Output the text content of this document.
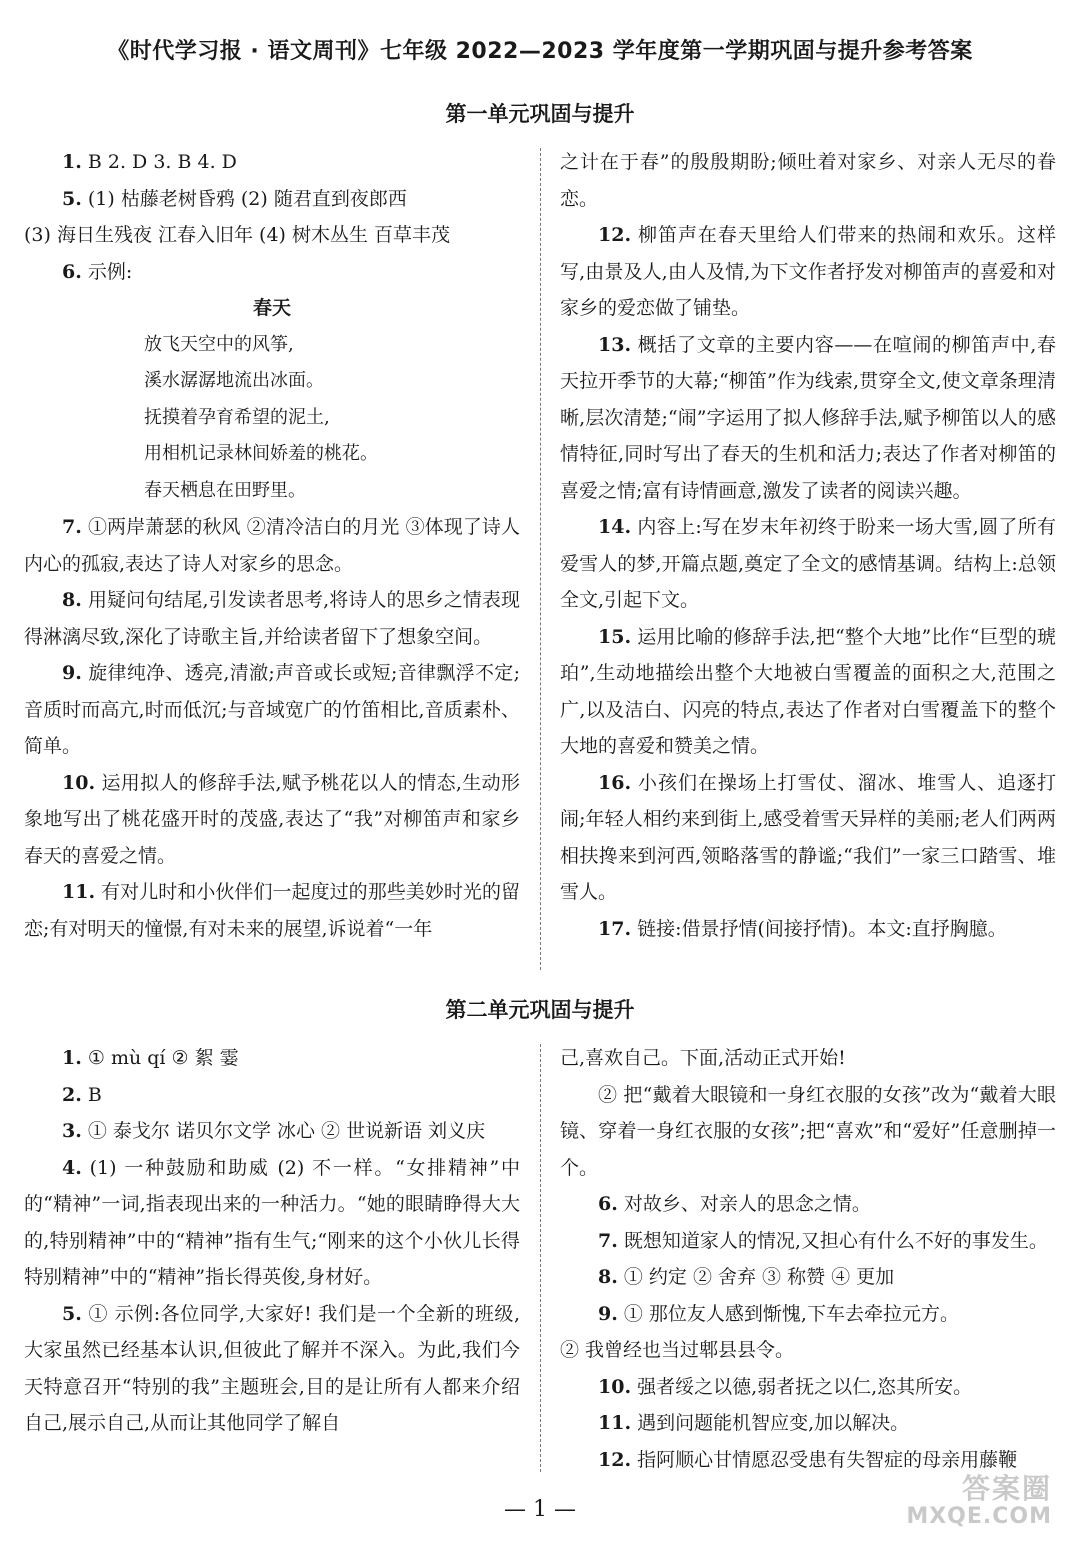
《时代学习报 · 语文周刊》七年级 2022—2023 学年度第一学期巩固与提升参考答案
第一单元巩固与提升

1. B 2. D 3. B 4. D

5. (1) 枯藤老树昏鸦 (2) 随君直到夜郎西

(3) 海日生残夜 江春入旧年 (4) 树木丛生 百草丰茂

6. 示例:

春天

放飞天空中的风筝,

溪水潺潺地流出冰面。

抚摸着孕育希望的泥土,

用相机记录林间娇羞的桃花。

春天栖息在田野里。

7. ①两岸萧瑟的秋风 ②清冷洁白的月光 ③体现了诗人内心的孤寂,表达了诗人对家乡的思念。

8. 用疑问句结尾,引发读者思考,将诗人的思乡之情表现得淋漓尽致,深化了诗歌主旨,并给读者留下了想象空间。

9. 旋律纯净、透亮,清澈;声音或长或短;音律飘浮不定;音质时而高亢,时而低沉;与音域宽广的竹笛相比,音质素朴、简单。

10. 运用拟人的修辞手法,赋予桃花以人的情态,生动形象地写出了桃花盛开时的茂盛,表达了“我”对柳笛声和家乡春天的喜爱之情。

11. 有对儿时和小伙伴们一起度过的那些美妙时光的留恋;有对明天的憧憬,有对未来的展望,诉说着“一年

之计在于春”的殷殷期盼;倾吐着对家乡、对亲人无尽的眷恋。

12. 柳笛声在春天里给人们带来的热闹和欢乐。这样写,由景及人,由人及情,为下文作者抒发对柳笛声的喜爱和对家乡的爱恋做了铺垫。

13. 概括了文章的主要内容——在喧闹的柳笛声中,春天拉开季节的大幕;“柳笛”作为线索,贯穿全文,使文章条理清晰,层次清楚;“闹”字运用了拟人修辞手法,赋予柳笛以人的感情特征,同时写出了春天的生机和活力;表达了作者对柳笛的喜爱之情;富有诗情画意,激发了读者的阅读兴趣。

14. 内容上:写在岁末年初终于盼来一场大雪,圆了所有爱雪人的梦,开篇点题,奠定了全文的感情基调。结构上:总领全文,引起下文。

15. 运用比喻的修辞手法,把“整个大地”比作“巨型的琥珀”,生动地描绘出整个大地被白雪覆盖的面积之大,范围之广,以及洁白、闪亮的特点,表达了作者对白雪覆盖下的整个大地的喜爱和赞美之情。

16. 小孩们在操场上打雪仗、溜冰、堆雪人、追逐打闹;年轻人相约来到街上,感受着雪天异样的美丽;老人们两两相扶搀来到河西,领略落雪的静谧;“我们”一家三口踏雪、堆雪人。

17. 链接:借景抒情(间接抒情)。本文:直抒胸臆。

第二单元巩固与提升

1. ① mù qí ② 絮 霎

2. B

3. ① 泰戈尔 诺贝尔文学 冰心 ② 世说新语 刘义庆

4. (1) 一种鼓励和助威 (2) 不一样。“女排精神”中的“精神”一词,指表现出来的一种活力。“她的眼睛睁得大大的,特别精神”中的“精神”指有生气;“刚来的这个小伙儿长得特别精神”中的“精神”指长得英俊,身材好。

5. ① 示例:各位同学,大家好! 我们是一个全新的班级,大家虽然已经基本认识,但彼此了解并不深入。为此,我们今天特意召开“特别的我”主题班会,目的是让所有人都来介绍自己,展示自己,从而让其他同学了解自

己,喜欢自己。下面,活动正式开始!

② 把“戴着大眼镜和一身红衣服的女孩”改为“戴着大眼镜、穿着一身红衣服的女孩”;把“喜欢”和“爱好”任意删掉一个。

6. 对故乡、对亲人的思念之情。

7. 既想知道家人的情况,又担心有什么不好的事发生。

8. ① 约定 ② 舍弃 ③ 称赞 ④ 更加

9. ① 那位友人感到惭愧,下车去牵拉元方。

② 我曾经也当过郫县县令。

10. 强者绥之以德,弱者抚之以仁,恣其所安。

11. 遇到问题能机智应变,加以解决。

12. 指阿顺心甘情愿忍受患有失智症的母亲用藤鞭

— 1 —
答案圈
MXQE.COM
